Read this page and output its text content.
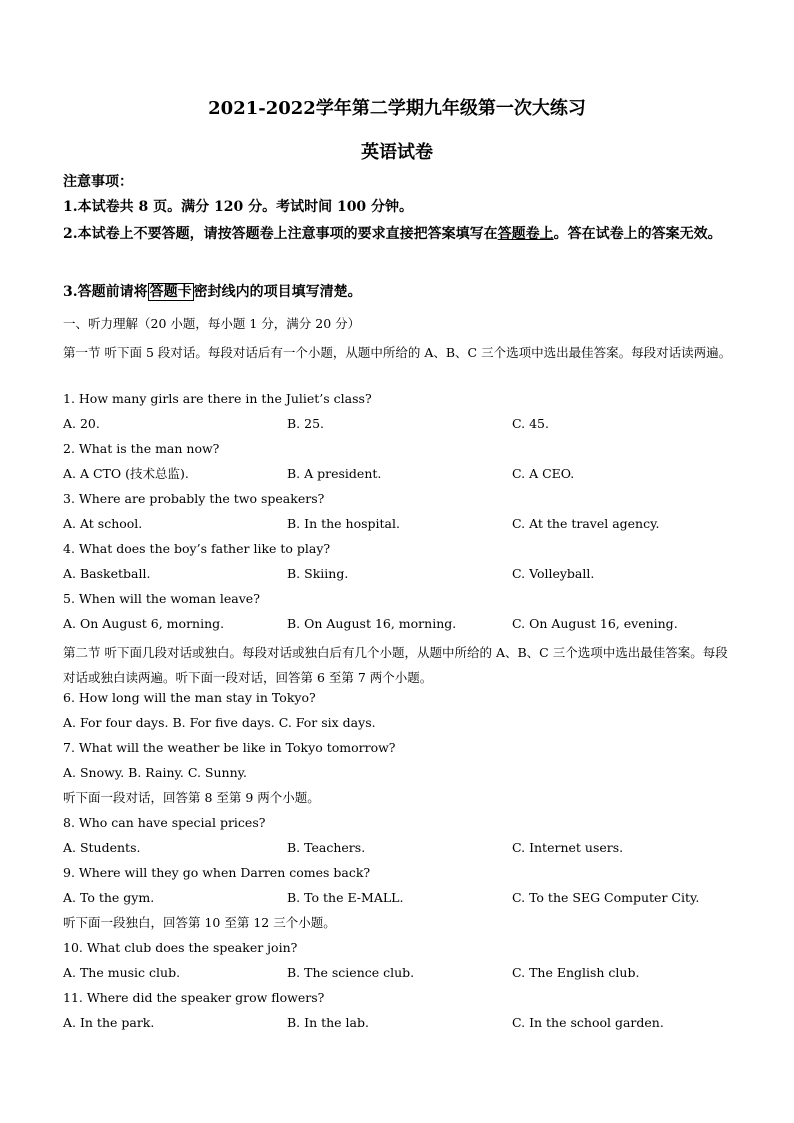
2021-2022学年第二学期九年级第一次大练习
英语试卷
注意事项：
1.本试卷共 8 页。满分 120 分。考试时间 100 分钟。
2.本试卷上不要答题，请按答题卷上注意事项的要求直接把答案填写在答题卷上。答在试卷上的答案无效。
3.答题前请将 答题卡 密封线内的项目填写清楚。
一、听力理解（20 小题，每小题 1 分，满分 20 分）
第一节 听下面 5 段对话。每段对话后有一个小题，从题中所给的 A、B、C 三个选项中选出最佳答案。每段对话读两遍。
1. How many girls are there in the Juliet’s class?
A. 20.	B. 25.	C. 45.
2. What is the man now?
A. A CTO (技术总监).	B. A president.	C. A CEO.
3. Where are probably the two speakers?
A. At school.	B. In the hospital.	C. At the travel agency.
4. What does the boy’s father like to play?
A. Basketball.	B. Skiing.	C. Volleyball.
5. When will the woman leave?
A. On August 6, morning.	B. On August 16, morning.	C. On August 16, evening.
第二节 听下面几段对话或独白。每段对话或独白后有几个小题，从题中所给的 A、B、C 三个选项中选出最佳答案。每段对话或独白读两遍。听下面一段对话，回答第 6 至第 7 两个小题。
6. How long will the man stay in Tokyo?
A. For four days. B. For five days. C. For six days.
7. What will the weather be like in Tokyo tomorrow?
A. Snowy. B. Rainy. C. Sunny.
听下面一段对话，回答第 8 至第 9 两个小题。
8. Who can have special prices?
A. Students.	B. Teachers.	C. Internet users.
9. Where will they go when Darren comes back?
A. To the gym.	B. To the E-MALL.	C. To the SEG Computer City.
听下面一段独白，回答第 10 至第 12 三个小题。
10. What club does the speaker join?
A. The music club.	B. The science club.	C. The English club.
11. Where did the speaker grow flowers?
A. In the park.	B. In the lab.	C. In the school garden.
